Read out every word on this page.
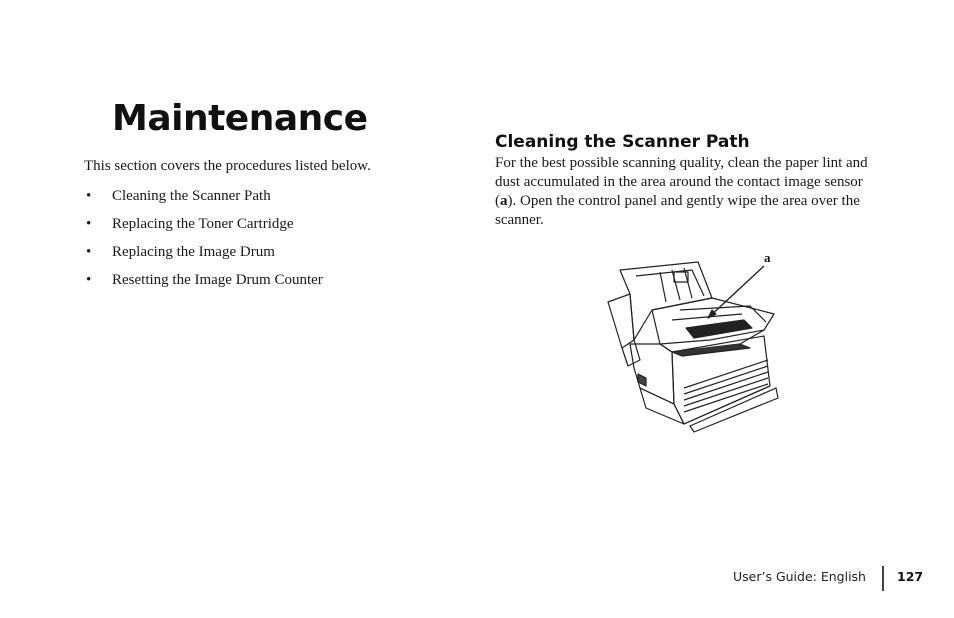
Maintenance

This section covers the procedures listed below.

• Cleaning the Scanner Path
• Replacing the Toner Cartridge
• Replacing the Image Drum
• Resetting the Image Drum Counter
Cleaning the Scanner Path

For the best possible scanning quality, clean the paper lint and dust accumulated in the area around the contact image sensor (a). Open the control panel and gently wipe the area over the scanner.

a
User’s Guide: English 127
